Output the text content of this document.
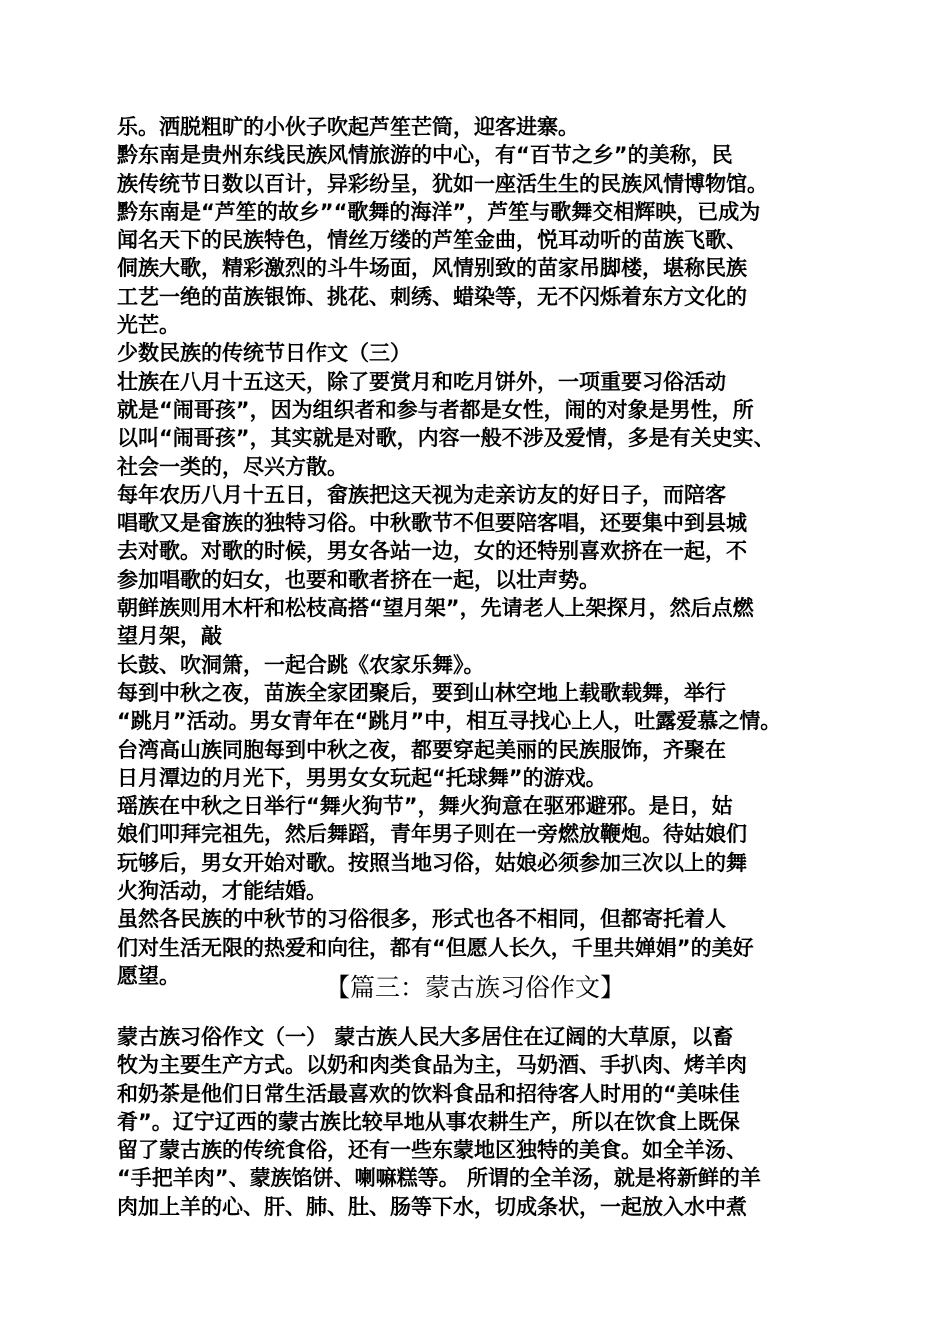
乐。洒脱粗旷的小伙子吹起芦笙芒筒，迎客进寨。
黔东南是贵州东线民族风情旅游的中心，有“百节之乡”的美称，民
族传统节日数以百计，异彩纷呈，犹如一座活生生的民族风情博物馆。
黔东南是“芦笙的故乡”“歌舞的海洋”，芦笙与歌舞交相辉映，已成为
闻名天下的民族特色，情丝万缕的芦笙金曲，悦耳动听的苗族飞歌、
侗族大歌，精彩激烈的斗牛场面，风情别致的苗家吊脚楼，堪称民族
工艺一绝的苗族银饰、挑花、刺绣、蜡染等，无不闪烁着东方文化的
光芒。
少数民族的传统节日作文（三）
壮族在八月十五这天，除了要赏月和吃月饼外，一项重要习俗活动
就是“闹哥孩”，因为组织者和参与者都是女性，闹的对象是男性，所
以叫“闹哥孩”，其实就是对歌，内容一般不涉及爱情，多是有关史实、
社会一类的，尽兴方散。
每年农历八月十五日，畲族把这天视为走亲访友的好日子，而陪客
唱歌又是畲族的独特习俗。中秋歌节不但要陪客唱，还要集中到县城
去对歌。对歌的时候，男女各站一边，女的还特别喜欢挤在一起，不
参加唱歌的妇女，也要和歌者挤在一起，以壮声势。
朝鲜族则用木杆和松枝高搭“望月架”，先请老人上架探月，然后点燃
望月架，敲
长鼓、吹洞箫，一起合跳《农家乐舞》。
每到中秋之夜，苗族全家团聚后，要到山林空地上载歌载舞，举行
“跳月”活动。男女青年在“跳月”中，相互寻找心上人，吐露爱慕之情。
台湾高山族同胞每到中秋之夜，都要穿起美丽的民族服饰，齐聚在
日月潭边的月光下，男男女女玩起“托球舞”的游戏。
瑶族在中秋之日举行“舞火狗节”，舞火狗意在驱邪避邪。是日，姑
娘们叩拜完祖先，然后舞蹈，青年男子则在一旁燃放鞭炮。待姑娘们
玩够后，男女开始对歌。按照当地习俗，姑娘必须参加三次以上的舞
火狗活动，才能结婚。
虽然各民族的中秋节的习俗很多，形式也各不相同，但都寄托着人
们对生活无限的热爱和向往，都有“但愿人长久，千里共婵娟”的美好
愿望。	【篇三：蒙古族习俗作文】
蒙古族习俗作文（一） 蒙古族人民大多居住在辽阔的大草原，以畜
牧为主要生产方式。以奶和肉类食品为主，马奶酒、手扒肉、烤羊肉
和奶茶是他们日常生活最喜欢的饮料食品和招待客人时用的“美味佳
肴”。辽宁辽西的蒙古族比较早地从事农耕生产，所以在饮食上既保
留了蒙古族的传统食俗，还有一些东蒙地区独特的美食。如全羊汤、
“手把羊肉”、蒙族馅饼、喇嘛糕等。 所谓的全羊汤，就是将新鲜的羊
肉加上羊的心、肝、肺、肚、肠等下水，切成条状，一起放入水中煮
